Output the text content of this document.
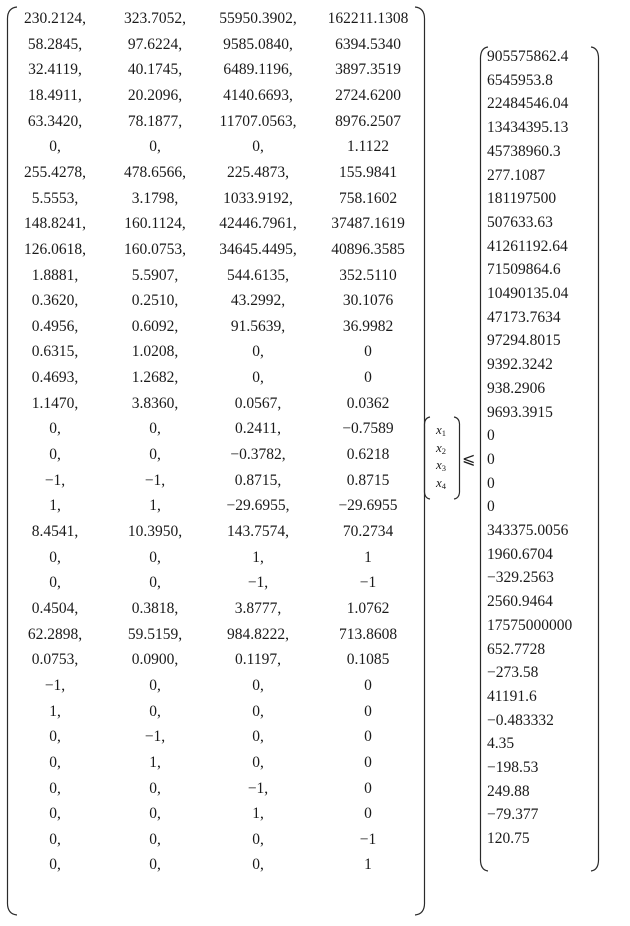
230.2124,	323.7052,	55950.3902,	162211.1308
58.2845,	97.6224,	9585.0840,	6394.5340
32.4119,	40.1745,	6489.1196,	3897.3519
18.4911,	20.2096,	4140.6693,	2724.6200
63.3420,	78.1877,	11707.0563,	8976.2507
0,	0,	0,	1.1122
255.4278,	478.6566,	225.4873,	155.9841
5.5553,	3.1798,	1033.9192,	758.1602
148.8241,	160.1124,	42446.7961,	37487.1619
126.0618,	160.0753,	34645.4495,	40896.3585
1.8881,	5.5907,	544.6135,	352.5110
0.3620,	0.2510,	43.2992,	30.1076
0.4956,	0.6092,	91.5639,	36.9982
0.6315,	1.0208,	0,	0
0.4693,	1.2682,	0,	0
1.1470,	3.8360,	0.0567,	0.0362
0,	0,	0.2411,	−0.7589
0,	0,	−0.3782,	0.6218
−1,	−1,	0.8715,	0.8715
1,	1,	−29.6955,	−29.6955
8.4541,	10.3950,	143.7574,	70.2734
0,	0,	1,	1
0,	0,	−1,	−1
0.4504,	0.3818,	3.8777,	1.0762
62.2898,	59.5159,	984.8222,	713.8608
0.0753,	0.0900,	0.1197,	0.1085
−1,	0,	0,	0
1,	0,	0,	0
0,	−1,	0,	0
0,	1,	0,	0
0,	0,	−1,	0
0,	0,	1,	0
0,	0,	0,	−1
0,	0,	0,	1
$x_1$
$x_2$
$x_3$
$x_4$
⩽
905575862.4
6545953.8
22484546.04
13434395.13
45738960.3
277.1087
181197500
507633.63
41261192.64
71509864.6
10490135.04
47173.7634
97294.8015
9392.3242
938.2906
9693.3915
0
0
0
0
343375.0056
1960.6704
−329.2563
2560.9464
17575000000
652.7728
−273.58
41191.6
−0.483332
4.35
−198.53
249.88
−79.377
120.75
